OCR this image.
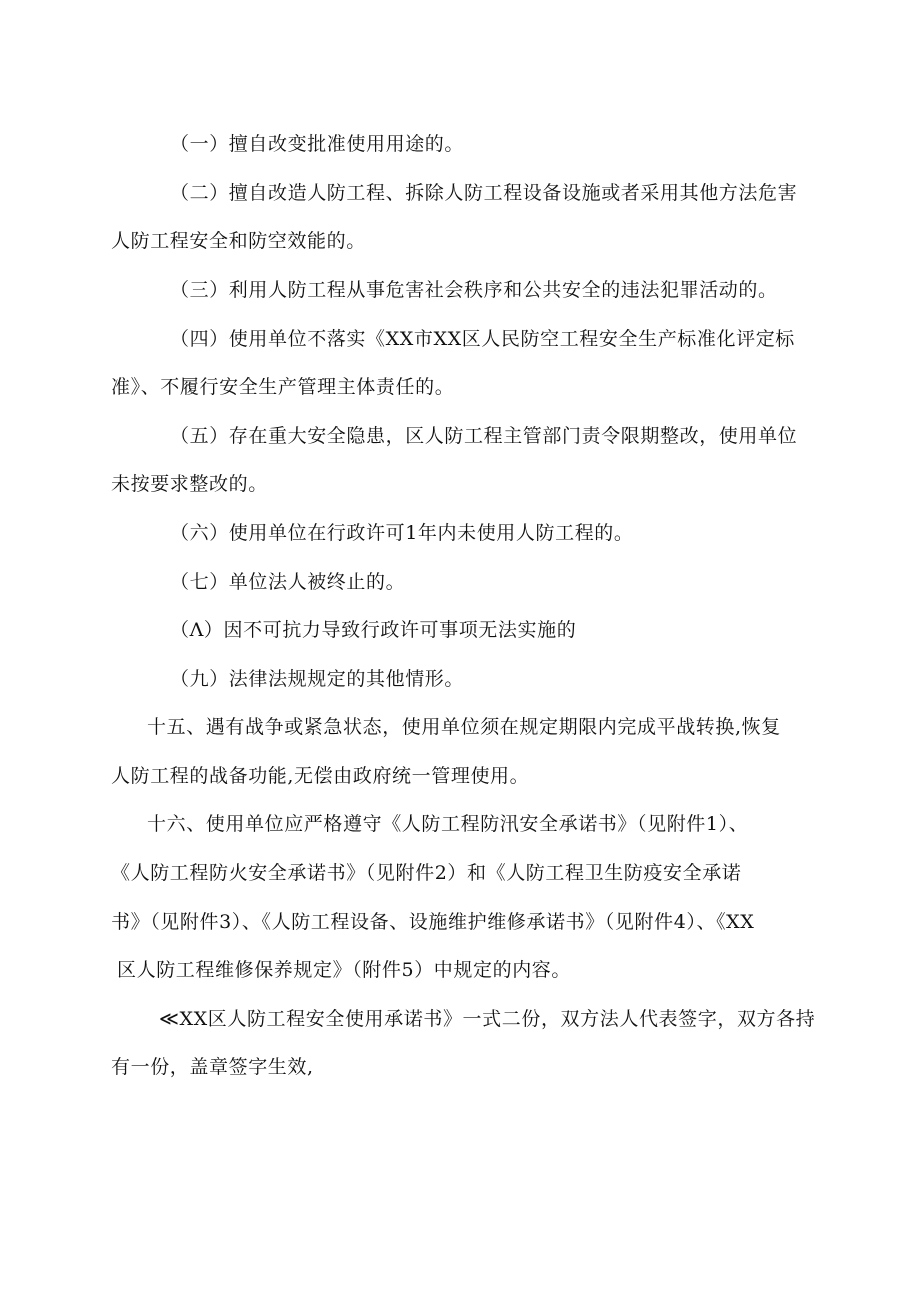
（一）擅自改变批准使用用途的。
（二）擅自改造人防工程、拆除人防工程设备设施或者采用其他方法危害
人防工程安全和防空效能的。
（三）利用人防工程从事危害社会秩序和公共安全的违法犯罪活动的。
（四）使用单位不落实《XX市XX区人民防空工程安全生产标准化评定标
准》、不履行安全生产管理主体责任的。
（五）存在重大安全隐患，区人防工程主管部门责令限期整改，使用单位
未按要求整改的。
（六）使用单位在行政许可1年内未使用人防工程的。
（七）单位法人被终止的。
（Λ）因不可抗力导致行政许可事项无法实施的
（九）法律法规规定的其他情形。
十五、遇有战争或紧急状态，使用单位须在规定期限内完成平战转换,恢复
人防工程的战备功能,无偿由政府统一管理使用。
十六、使用单位应严格遵守《人防工程防汛安全承诺书》（见附件1）、
《人防工程防火安全承诺书》（见附件2）和《人防工程卫生防疫安全承诺
书》（见附件3）、《人防工程设备、设施维护维修承诺书》（见附件4）、《XX
区人防工程维修保养规定》（附件5）中规定的内容。
≪XX区人防工程安全使用承诺书》一式二份，双方法人代表签字，双方各持
有一份，盖章签字生效,
